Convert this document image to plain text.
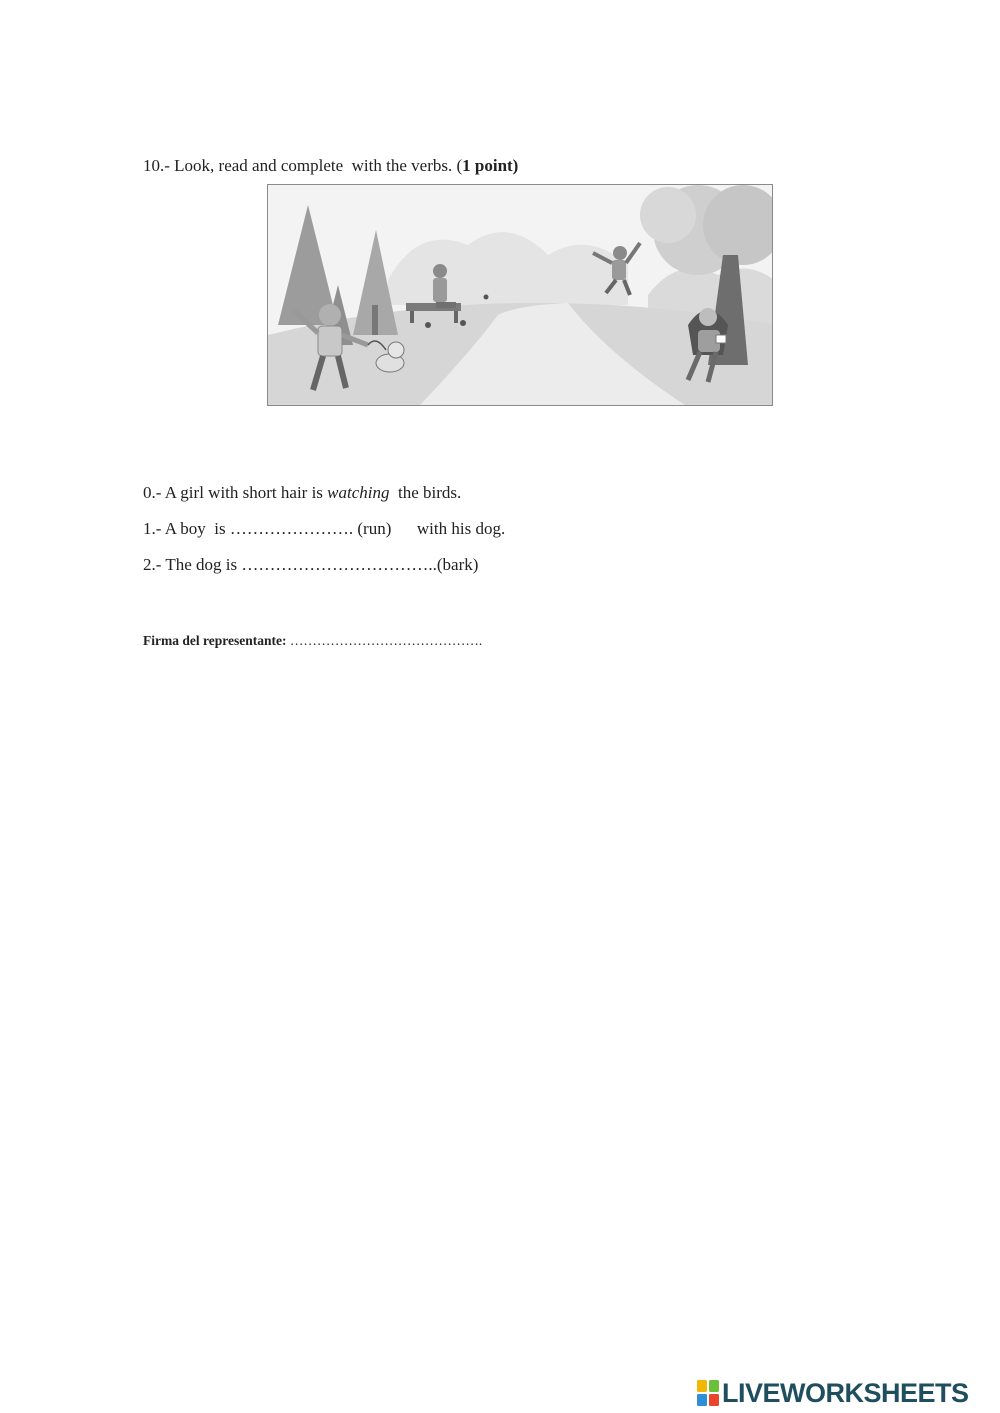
10.- Look, read and complete  with the verbs. (1 point)
0.- A girl with short hair is watching  the birds.
1.- A boy  is …………………. (run)      with his dog.
2.- The dog is ……………………………..(bark)
Firma del representante: …………………………………….
LIVEWORKSHEETS
